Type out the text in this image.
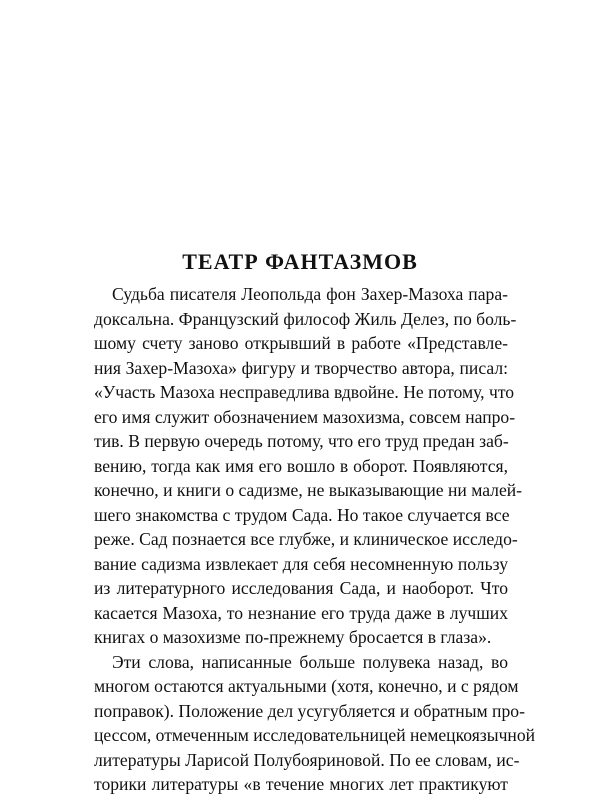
ТЕАТР ФАНТАЗМОВ
Судьба писателя Леопольда фон Захер-Мазоха пара-
доксальна. Французский философ Жиль Делез, по боль-
шому счету заново открывший в работе «Представле-
ния Захер-Мазоха» фигуру и творчество автора, писал:
«Участь Мазоха несправедлива вдвойне. Не потому, что
его имя служит обозначением мазохизма, совсем напро-
тив. В первую очередь потому, что его труд предан заб-
вению, тогда как имя его вошло в оборот. Появляются,
конечно, и книги о садизме, не выказывающие ни малей-
шего знакомства с трудом Сада. Но такое случается все
реже. Сад познается все глубже, и клиническое исследо-
вание садизма извлекает для себя несомненную пользу
из литературного исследования Сада, и наоборот. Что
касается Мазоха, то незнание его труда даже в лучших
книгах о мазохизме по-прежнему бросается в глаза».
Эти слова, написанные больше полувека назад, во
многом остаются актуальными (хотя, конечно, и с рядом
поправок). Положение дел усугубляется и обратным про-
цессом, отмеченным исследовательницей немецкоязычной
литературы Ларисой Полубояриновой. По ее словам, ис-
торики литературы «в течение многих лет практикуют
